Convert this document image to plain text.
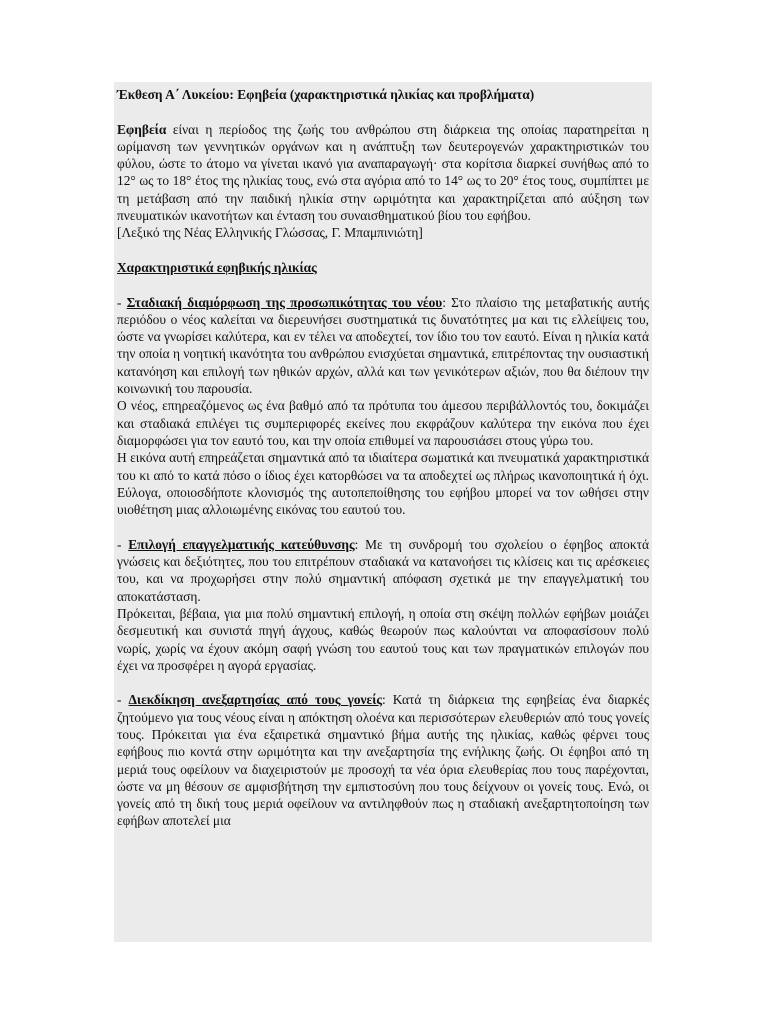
Έκθεση Α΄ Λυκείου: Εφηβεία (χαρακτηριστικά ηλικίας και προβλήματα)

Εφηβεία είναι η περίοδος της ζωής του ανθρώπου στη διάρκεια της οποίας παρατηρείται η ωρίμανση των γεννητικών οργάνων και η ανάπτυξη των δευτερογενών χαρακτηριστικών του φύλου, ώστε το άτομο να γίνεται ικανό για αναπαραγωγή· στα κορίτσια διαρκεί συνήθως από το 12° ως το 18° έτος της ηλικίας τους, ενώ στα αγόρια από το 14° ως το 20° έτος τους, συμπίπτει με τη μετάβαση από την παιδική ηλικία στην ωριμότητα και χαρακτηρίζεται από αύξηση των πνευματικών ικανοτήτων και ένταση του συναισθηματικού βίου του εφήβου.

[Λεξικό της Νέας Ελληνικής Γλώσσας, Γ. Μπαμπινιώτη]

Χαρακτηριστικά εφηβικής ηλικίας

- Σταδιακή διαμόρφωση της προσωπικότητας του νέου: Στο πλαίσιο της μεταβατικής αυτής περιόδου ο νέος καλείται να διερευνήσει συστηματικά τις δυνατότητες μα και τις ελλείψεις του, ώστε να γνωρίσει καλύτερα, και εν τέλει να αποδεχτεί, τον ίδιο του τον εαυτό. Είναι η ηλικία κατά την οποία η νοητική ικανότητα του ανθρώπου ενισχύεται σημαντικά, επιτρέποντας την ουσιαστική κατανόηση και επιλογή των ηθικών αρχών, αλλά και των γενικότερων αξιών, που θα διέπουν την κοινωνική του παρουσία.

Ο νέος, επηρεαζόμενος ως ένα βαθμό από τα πρότυπα του άμεσου περιβάλλοντός του, δοκιμάζει και σταδιακά επιλέγει τις συμπεριφορές εκείνες που εκφράζουν καλύτερα την εικόνα που έχει διαμορφώσει για τον εαυτό του, και την οποία επιθυμεί να παρουσιάσει στους γύρω του.

Η εικόνα αυτή επηρεάζεται σημαντικά από τα ιδιαίτερα σωματικά και πνευματικά χαρακτηριστικά του κι από το κατά πόσο ο ίδιος έχει κατορθώσει να τα αποδεχτεί ως πλήρως ικανοποιητικά ή όχι. Εύλογα, οποιοσδήποτε κλονισμός της αυτοπεποίθησης του εφήβου μπορεί να τον ωθήσει στην υιοθέτηση μιας αλλοιωμένης εικόνας του εαυτού του.

- Επιλογή επαγγελματικής κατεύθυνσης: Με τη συνδρομή του σχολείου ο έφηβος αποκτά γνώσεις και δεξιότητες, που του επιτρέπουν σταδιακά να κατανοήσει τις κλίσεις και τις αρέσκειες του, και να προχωρήσει στην πολύ σημαντική απόφαση σχετικά με την επαγγελματική του αποκατάσταση.

Πρόκειται, βέβαια, για μια πολύ σημαντική επιλογή, η οποία στη σκέψη πολλών εφήβων μοιάζει δεσμευτική και συνιστά πηγή άγχους, καθώς θεωρούν πως καλούνται να αποφασίσουν πολύ νωρίς, χωρίς να έχουν ακόμη σαφή γνώση του εαυτού τους και των πραγματικών επιλογών που έχει να προσφέρει η αγορά εργασίας.

- Διεκδίκηση ανεξαρτησίας από τους γονείς: Κατά τη διάρκεια της εφηβείας ένα διαρκές ζητούμενο για τους νέους είναι η απόκτηση ολοένα και περισσότερων ελευθεριών από τους γονείς τους. Πρόκειται για ένα εξαιρετικά σημαντικό βήμα αυτής της ηλικίας, καθώς φέρνει τους εφήβους πιο κοντά στην ωριμότητα και την ανεξαρτησία της ενήλικης ζωής. Οι έφηβοι από τη μεριά τους οφείλουν να διαχειριστούν με προσοχή τα νέα όρια ελευθερίας που τους παρέχονται, ώστε να μη θέσουν σε αμφισβήτηση την εμπιστοσύνη που τους δείχνουν οι γονείς τους. Ενώ, οι γονείς από τη δική τους μεριά οφείλουν να αντιληφθούν πως η σταδιακή ανεξαρτητοποίηση των εφήβων αποτελεί μια
